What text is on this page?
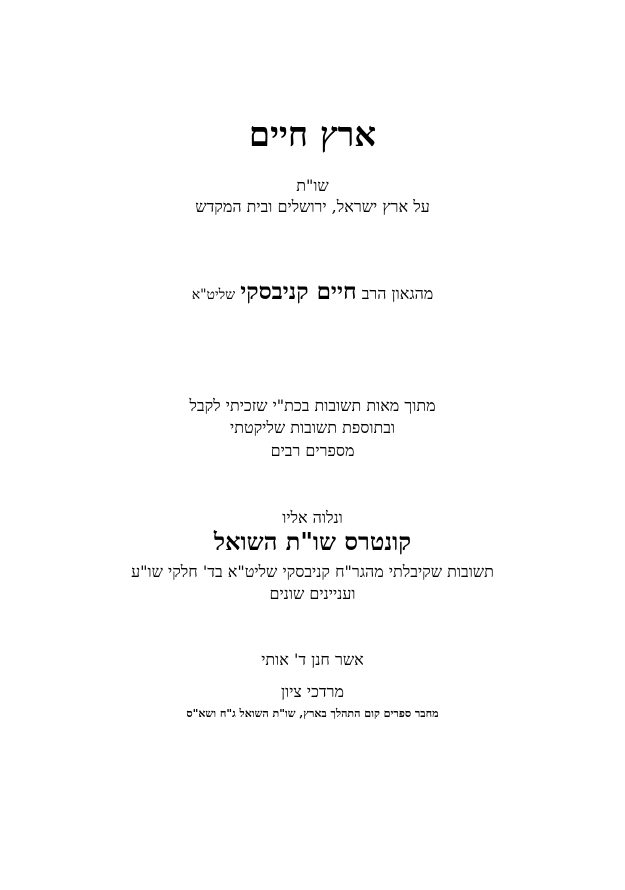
ארץ חיים
שו"ת
על ארץ ישראל, ירושלים ובית המקדש
מהגאון הרב חיים קניבסקי שליט"א
מתוך מאות תשובות בכת"י שזכיתי לקבל
ובתוספת תשובות שליקטתי
מספרים רבים
ונלוה אליו
קונטרס שו"ת השואל
תשובות שקיבלתי מהגר"ח קניבסקי שליט"א בד' חלקי שו"ע
ועניינים שונים
אשר חנן ד' אותי
מרדכי ציון
מחבר ספרים קום התהלך בארץ, שו"ת השואל ג"ח ושא"ס
